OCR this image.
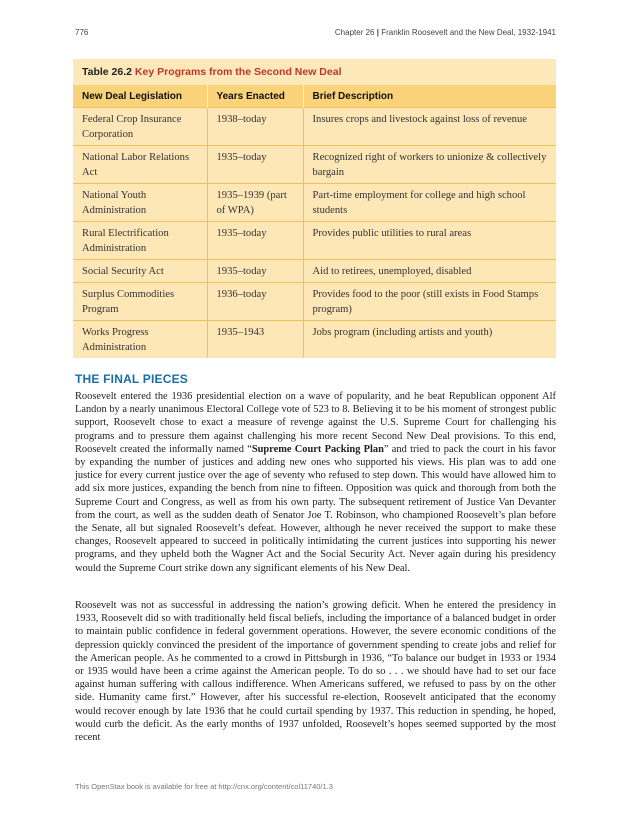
776	Chapter 26 | Franklin Roosevelt and the New Deal, 1932-1941
Table 26.2 Key Programs from the Second New Deal
New Deal Legislation	Years Enacted	Brief Description
Federal Crop Insurance Corporation	1938–today	Insures crops and livestock against loss of revenue
National Labor Relations Act	1935–today	Recognized right of workers to unionize & collectively bargain
National Youth Administration	1935–1939 (part of WPA)	Part-time employment for college and high school students
Rural Electrification Administration	1935–today	Provides public utilities to rural areas
Social Security Act	1935–today	Aid to retirees, unemployed, disabled
Surplus Commodities Program	1936–today	Provides food to the poor (still exists in Food Stamps program)
Works Progress Administration	1935–1943	Jobs program (including artists and youth)
THE FINAL PIECES
Roosevelt entered the 1936 presidential election on a wave of popularity, and he beat Republican opponent Alf Landon by a nearly unanimous Electoral College vote of 523 to 8. Believing it to be his moment of strongest public support, Roosevelt chose to exact a measure of revenge against the U.S. Supreme Court for challenging his programs and to pressure them against challenging his more recent Second New Deal provisions. To this end, Roosevelt created the informally named “Supreme Court Packing Plan” and tried to pack the court in his favor by expanding the number of justices and adding new ones who supported his views. His plan was to add one justice for every current justice over the age of seventy who refused to step down. This would have allowed him to add six more justices, expanding the bench from nine to fifteen. Opposition was quick and thorough from both the Supreme Court and Congress, as well as from his own party. The subsequent retirement of Justice Van Devanter from the court, as well as the sudden death of Senator Joe T. Robinson, who championed Roosevelt’s plan before the Senate, all but signaled Roosevelt’s defeat. However, although he never received the support to make these changes, Roosevelt appeared to succeed in politically intimidating the current justices into supporting his newer programs, and they upheld both the Wagner Act and the Social Security Act. Never again during his presidency would the Supreme Court strike down any significant elements of his New Deal.
Roosevelt was not as successful in addressing the nation’s growing deficit. When he entered the presidency in 1933, Roosevelt did so with traditionally held fiscal beliefs, including the importance of a balanced budget in order to maintain public confidence in federal government operations. However, the severe economic conditions of the depression quickly convinced the president of the importance of government spending to create jobs and relief for the American people. As he commented to a crowd in Pittsburgh in 1936, “To balance our budget in 1933 or 1934 or 1935 would have been a crime against the American people. To do so . . . we should have had to set our face against human suffering with callous indifference. When Americans suffered, we refused to pass by on the other side. Humanity came first.” However, after his successful re-election, Roosevelt anticipated that the economy would recover enough by late 1936 that he could curtail spending by 1937. This reduction in spending, he hoped, would curb the deficit. As the early months of 1937 unfolded, Roosevelt’s hopes seemed supported by the most recent
This OpenStax book is available for free at http://cnx.org/content/col11740/1.3
